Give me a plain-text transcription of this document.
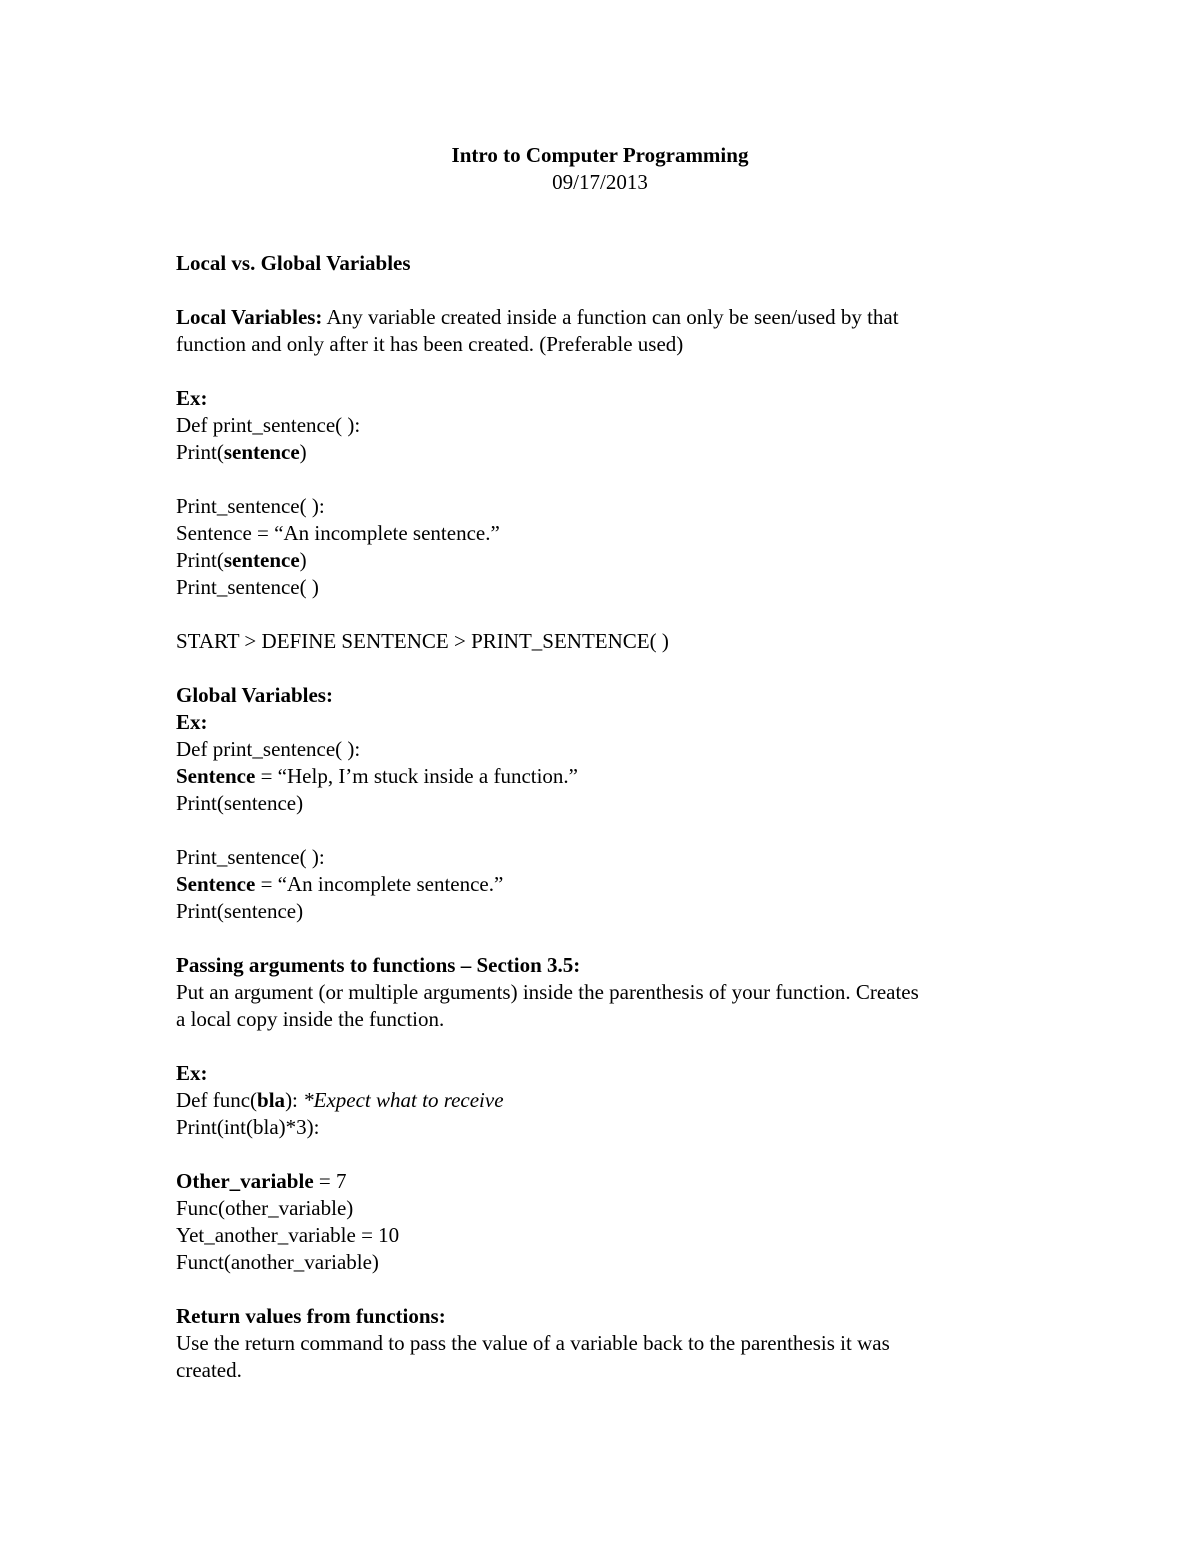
Intro to Computer Programming
09/17/2013
Local vs. Global Variables
Local Variables: Any variable created inside a function can only be seen/used by that
function and only after it has been created. (Preferable used)
Ex:
Def print_sentence( ):
Print(sentence)
Print_sentence( ):
Sentence = “An incomplete sentence.”
Print(sentence)
Print_sentence( )
START > DEFINE SENTENCE > PRINT_SENTENCE( )
Global Variables:
Ex:
Def print_sentence( ):
Sentence = “Help, I’m stuck inside a function.”
Print(sentence)
Print_sentence( ):
Sentence = “An incomplete sentence.”
Print(sentence)
Passing arguments to functions – Section 3.5:
Put an argument (or multiple arguments) inside the parenthesis of your function. Creates
a local copy inside the function.
Ex:
Def func(bla): *Expect what to receive
Print(int(bla)*3):
Other_variable = 7
Func(other_variable)
Yet_another_variable = 10
Funct(another_variable)
Return values from functions:
Use the return command to pass the value of a variable back to the parenthesis it was
created.
